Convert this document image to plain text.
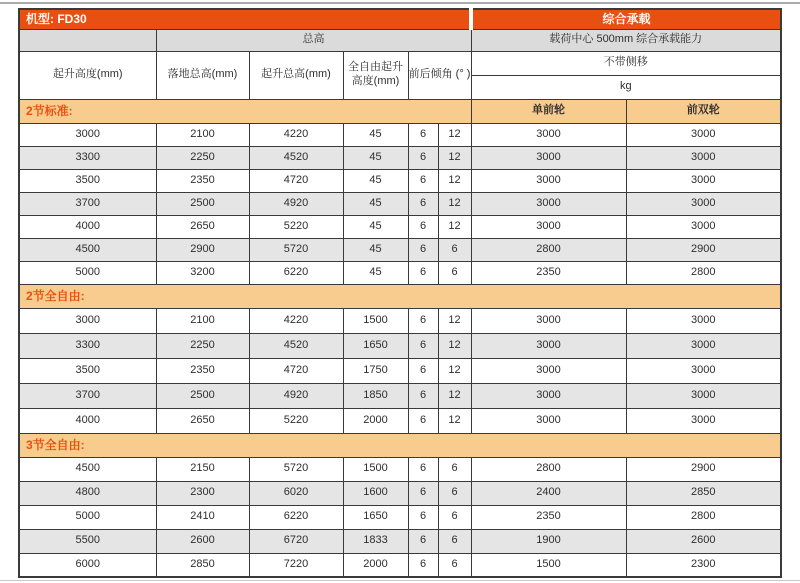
机型: FD30						综合承载	
	总高					载荷中心 500mm 综合承载能力	
起升高度(mm)	落地总高(mm)	起升总高(mm)	全自由起升高度(mm)	前后倾角 (° )		不带侧移	
						kg	
2节标准:						单前轮	前双轮
3000	2100	4220	45	6	12	3000	3000
3300	2250	4520	45	6	12	3000	3000
3500	2350	4720	45	6	12	3000	3000
3700	2500	4920	45	6	12	3000	3000
4000	2650	5220	45	6	12	3000	3000
4500	2900	5720	45	6	6	2800	2900
5000	3200	6220	45	6	6	2350	2800
2节全自由:							
3000	2100	4220	1500	6	12	3000	3000
3300	2250	4520	1650	6	12	3000	3000
3500	2350	4720	1750	6	12	3000	3000
3700	2500	4920	1850	6	12	3000	3000
4000	2650	5220	2000	6	12	3000	3000
3节全自由:							
4500	2150	5720	1500	6	6	2800	2900
4800	2300	6020	1600	6	6	2400	2850
5000	2410	6220	1650	6	6	2350	2800
5500	2600	6720	1833	6	6	1900	2600
6000	2850	7220	2000	6	6	1500	2300
